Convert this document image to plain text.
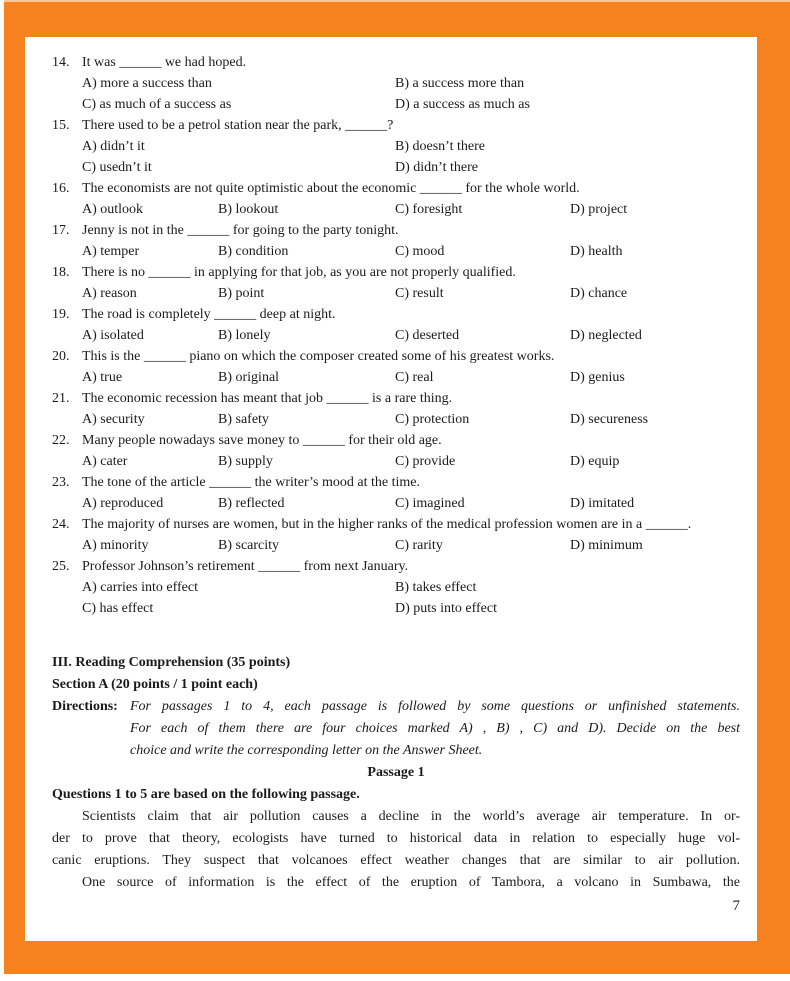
14. It was ______ we had hoped.
A) more a success than	B) a success more than
C) as much of a success as	D) a success as much as
15. There used to be a petrol station near the park, ______?
A) didn’t it	B) doesn’t there
C) usedn’t it	D) didn’t there
16. The economists are not quite optimistic about the economic ______ for the whole world.
A) outlook	B) lookout	C) foresight	D) project
17. Jenny is not in the ______ for going to the party tonight.
A) temper	B) condition	C) mood	D) health
18. There is no ______ in applying for that job, as you are not properly qualified.
A) reason	B) point	C) result	D) chance
19. The road is completely ______ deep at night.
A) isolated	B) lonely	C) deserted	D) neglected
20. This is the ______ piano on which the composer created some of his greatest works.
A) true	B) original	C) real	D) genius
21. The economic recession has meant that job ______ is a rare thing.
A) security	B) safety	C) protection	D) secureness
22. Many people nowadays save money to ______ for their old age.
A) cater	B) supply	C) provide	D) equip
23. The tone of the article ______ the writer’s mood at the time.
A) reproduced	B) reflected	C) imagined	D) imitated
24. The majority of nurses are women, but in the higher ranks of the medical profession women are in a ______.
A) minority	B) scarcity	C) rarity	D) minimum
25. Professor Johnson’s retirement ______ from next January.
A) carries into effect	B) takes effect
C) has effect	D) puts into effect
III. Reading Comprehension (35 points)
Section A (20 points / 1 point each)
Directions: For passages 1 to 4, each passage is followed by some questions or unfinished statements.
For each of them there are four choices marked A) , B) , C) and D). Decide on the best
choice and write the corresponding letter on the Answer Sheet.
Passage 1
Questions 1 to 5 are based on the following passage.
Scientists claim that air pollution causes a decline in the world’s average air temperature. In or-
der to prove that theory, ecologists have turned to historical data in relation to especially huge vol-
canic eruptions. They suspect that volcanoes effect weather changes that are similar to air pollution.
One source of information is the effect of the eruption of Tambora, a volcano in Sumbawa, the
7
